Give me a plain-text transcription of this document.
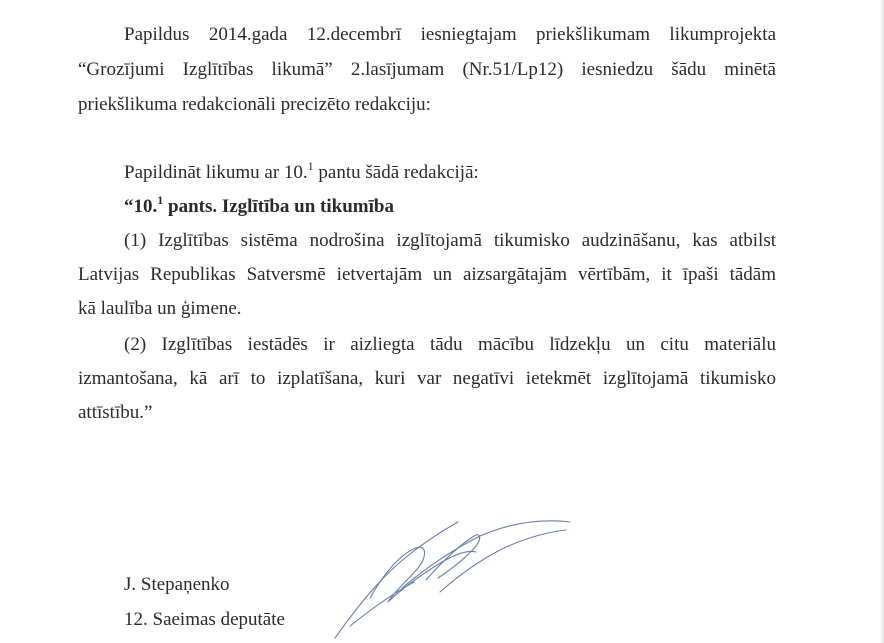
Papildus 2014.gada 12.decembrī iesniegtajam priekšlikumam likumprojekta
“Grozījumi Izglītības likumā” 2.lasījumam (Nr.51/Lp12) iesniedzu šādu minētā
priekšlikuma redakcionāli precizēto redakciju:
Papildināt likumu ar 10.$^1$ pantu šādā redakcijā:
“10.$^1$ pants. Izglītība un tikumība
(1) Izglītības sistēma nodrošina izglītojamā tikumisko audzināšanu, kas atbilst
Latvijas Republikas Satversmē ietvertajām un aizsargātajām vērtībām, it īpaši tādām
kā laulība un ģimene.
(2) Izglītības iestādēs ir aizliegta tādu mācību līdzekļu un citu materiālu
izmantošana, kā arī to izplatīšana, kuri var negatīvi ietekmēt izglītojamā tikumisko
attīstību.”
J. Stepaņenko
12. Saeimas deputāte
